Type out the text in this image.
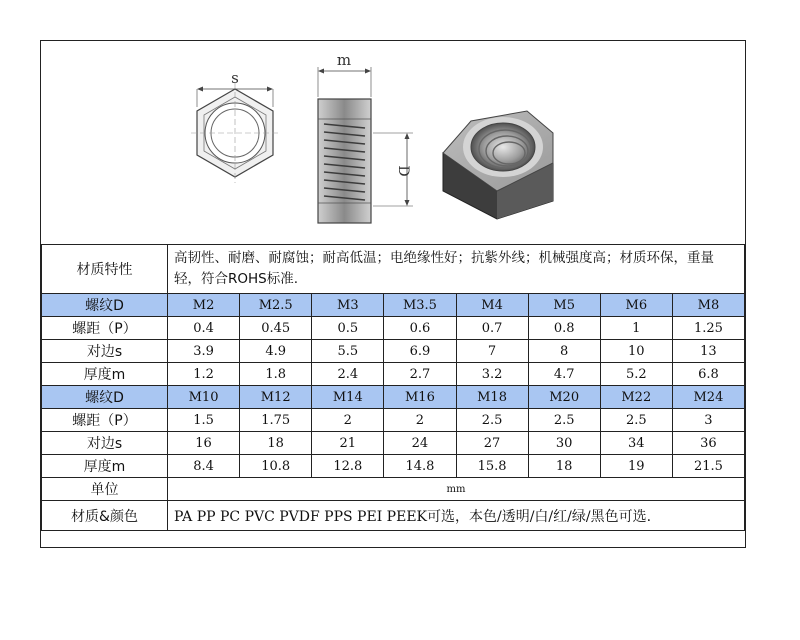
s
m
D
材质特性	高韧性、耐磨、耐腐蚀；耐高低温；电绝缘性好；抗紫外线；机械强度高；材质环保，重量轻，符合ROHS标准.							
螺纹D	M2	M2.5	M3	M3.5	M4	M5	M6	M8
螺距（P）	0.4	0.45	0.5	0.6	0.7	0.8	1	1.25
对边s	3.9	4.9	5.5	6.9	7	8	10	13
厚度m	1.2	1.8	2.4	2.7	3.2	4.7	5.2	6.8
螺纹D	M10	M12	M14	M16	M18	M20	M22	M24
螺距（P）	1.5	1.75	2	2	2.5	2.5	2.5	3
对边s	16	18	21	24	27	30	34	36
厚度m	8.4	10.8	12.8	14.8	15.8	18	19	21.5
单位	mm							
材质&颜色	PA PP PC PVC PVDF PPS PEI PEEK可选，本色/透明/白/红/绿/黑色可选.							
